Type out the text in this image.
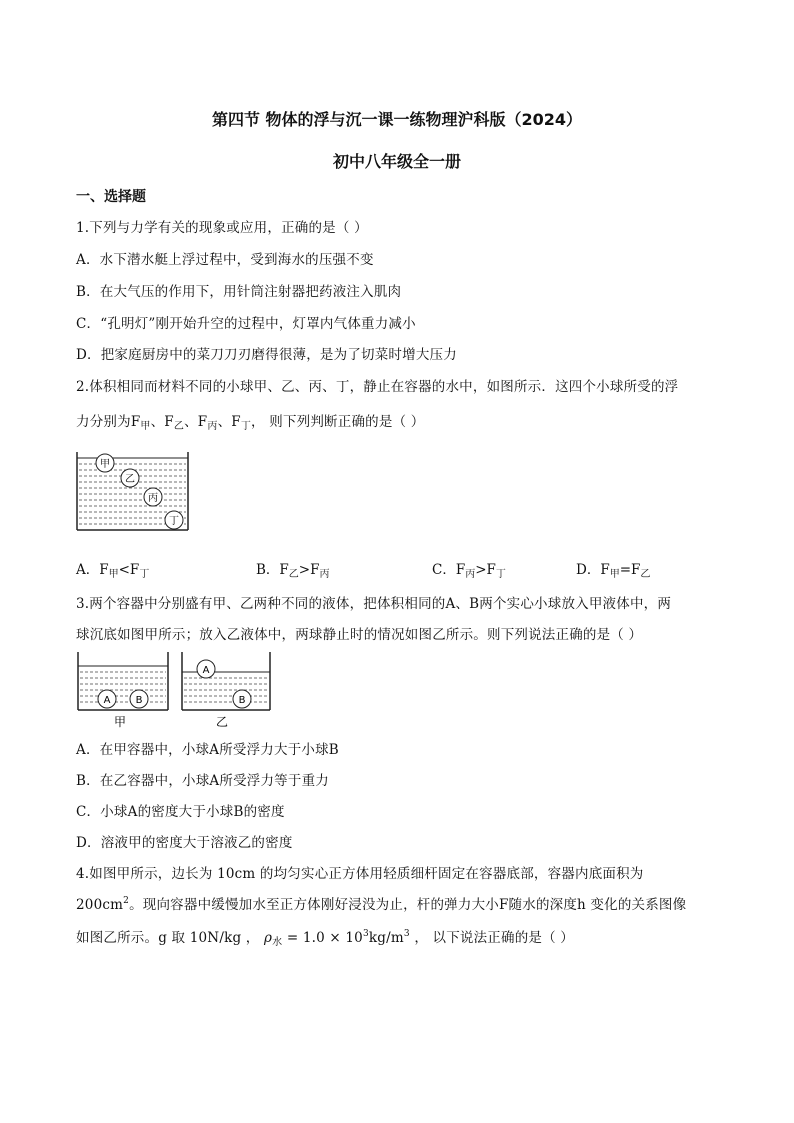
第四节 物体的浮与沉一课一练物理沪科版（2024）
初中八年级全一册
一、选择题
1.下列与力学有关的现象或应用，正确的是（ ）
A．水下潜水艇上浮过程中，受到海水的压强不变
B．在大气压的作用下，用针筒注射器把药液注入肌肉
C．“孔明灯”刚开始升空的过程中，灯罩内气体重力减小
D．把家庭厨房中的菜刀刀刃磨得很薄，是为了切菜时增大压力
2.体积相同而材料不同的小球甲、乙、丙、丁，静止在容器的水中，如图所示．这四个小球所受的浮
力分别为$F_甲$、$F_乙$、$F_丙$、$F_丁$， 则下列判断正确的是（ ）
甲
乙
丙
丁
A．$F_甲<F_丁$	B．$F_乙>F_丙$	C．$F_丙>F_丁$	D．$F_甲=F_乙$
3.两个容器中分别盛有甲、乙两种不同的液体，把体积相同的A、B两个实心小球放入甲液体中，两
球沉底如图甲所示；放入乙液体中，两球静止时的情况如图乙所示。则下列说法正确的是（ ）
A	B
甲
A
B
乙
A．在甲容器中，小球A所受浮力大于小球B
B．在乙容器中，小球A所受浮力等于重力
C．小球A的密度大于小球B的密度
D．溶液甲的密度大于溶液乙的密度
4.如图甲所示，边长为 10cm 的均匀实心正方体用轻质细杆固定在容器底部，容器内底面积为
$200cm^2$。现向容器中缓慢加水至正方体刚好浸没为止，杆的弹力大小F随水的深度h 变化的关系图像
如图乙所示。g 取 10N/kg ， $\rho_水 = 1.0 \times 10^3kg/m^3$ ， 以下说法正确的是（ ）
